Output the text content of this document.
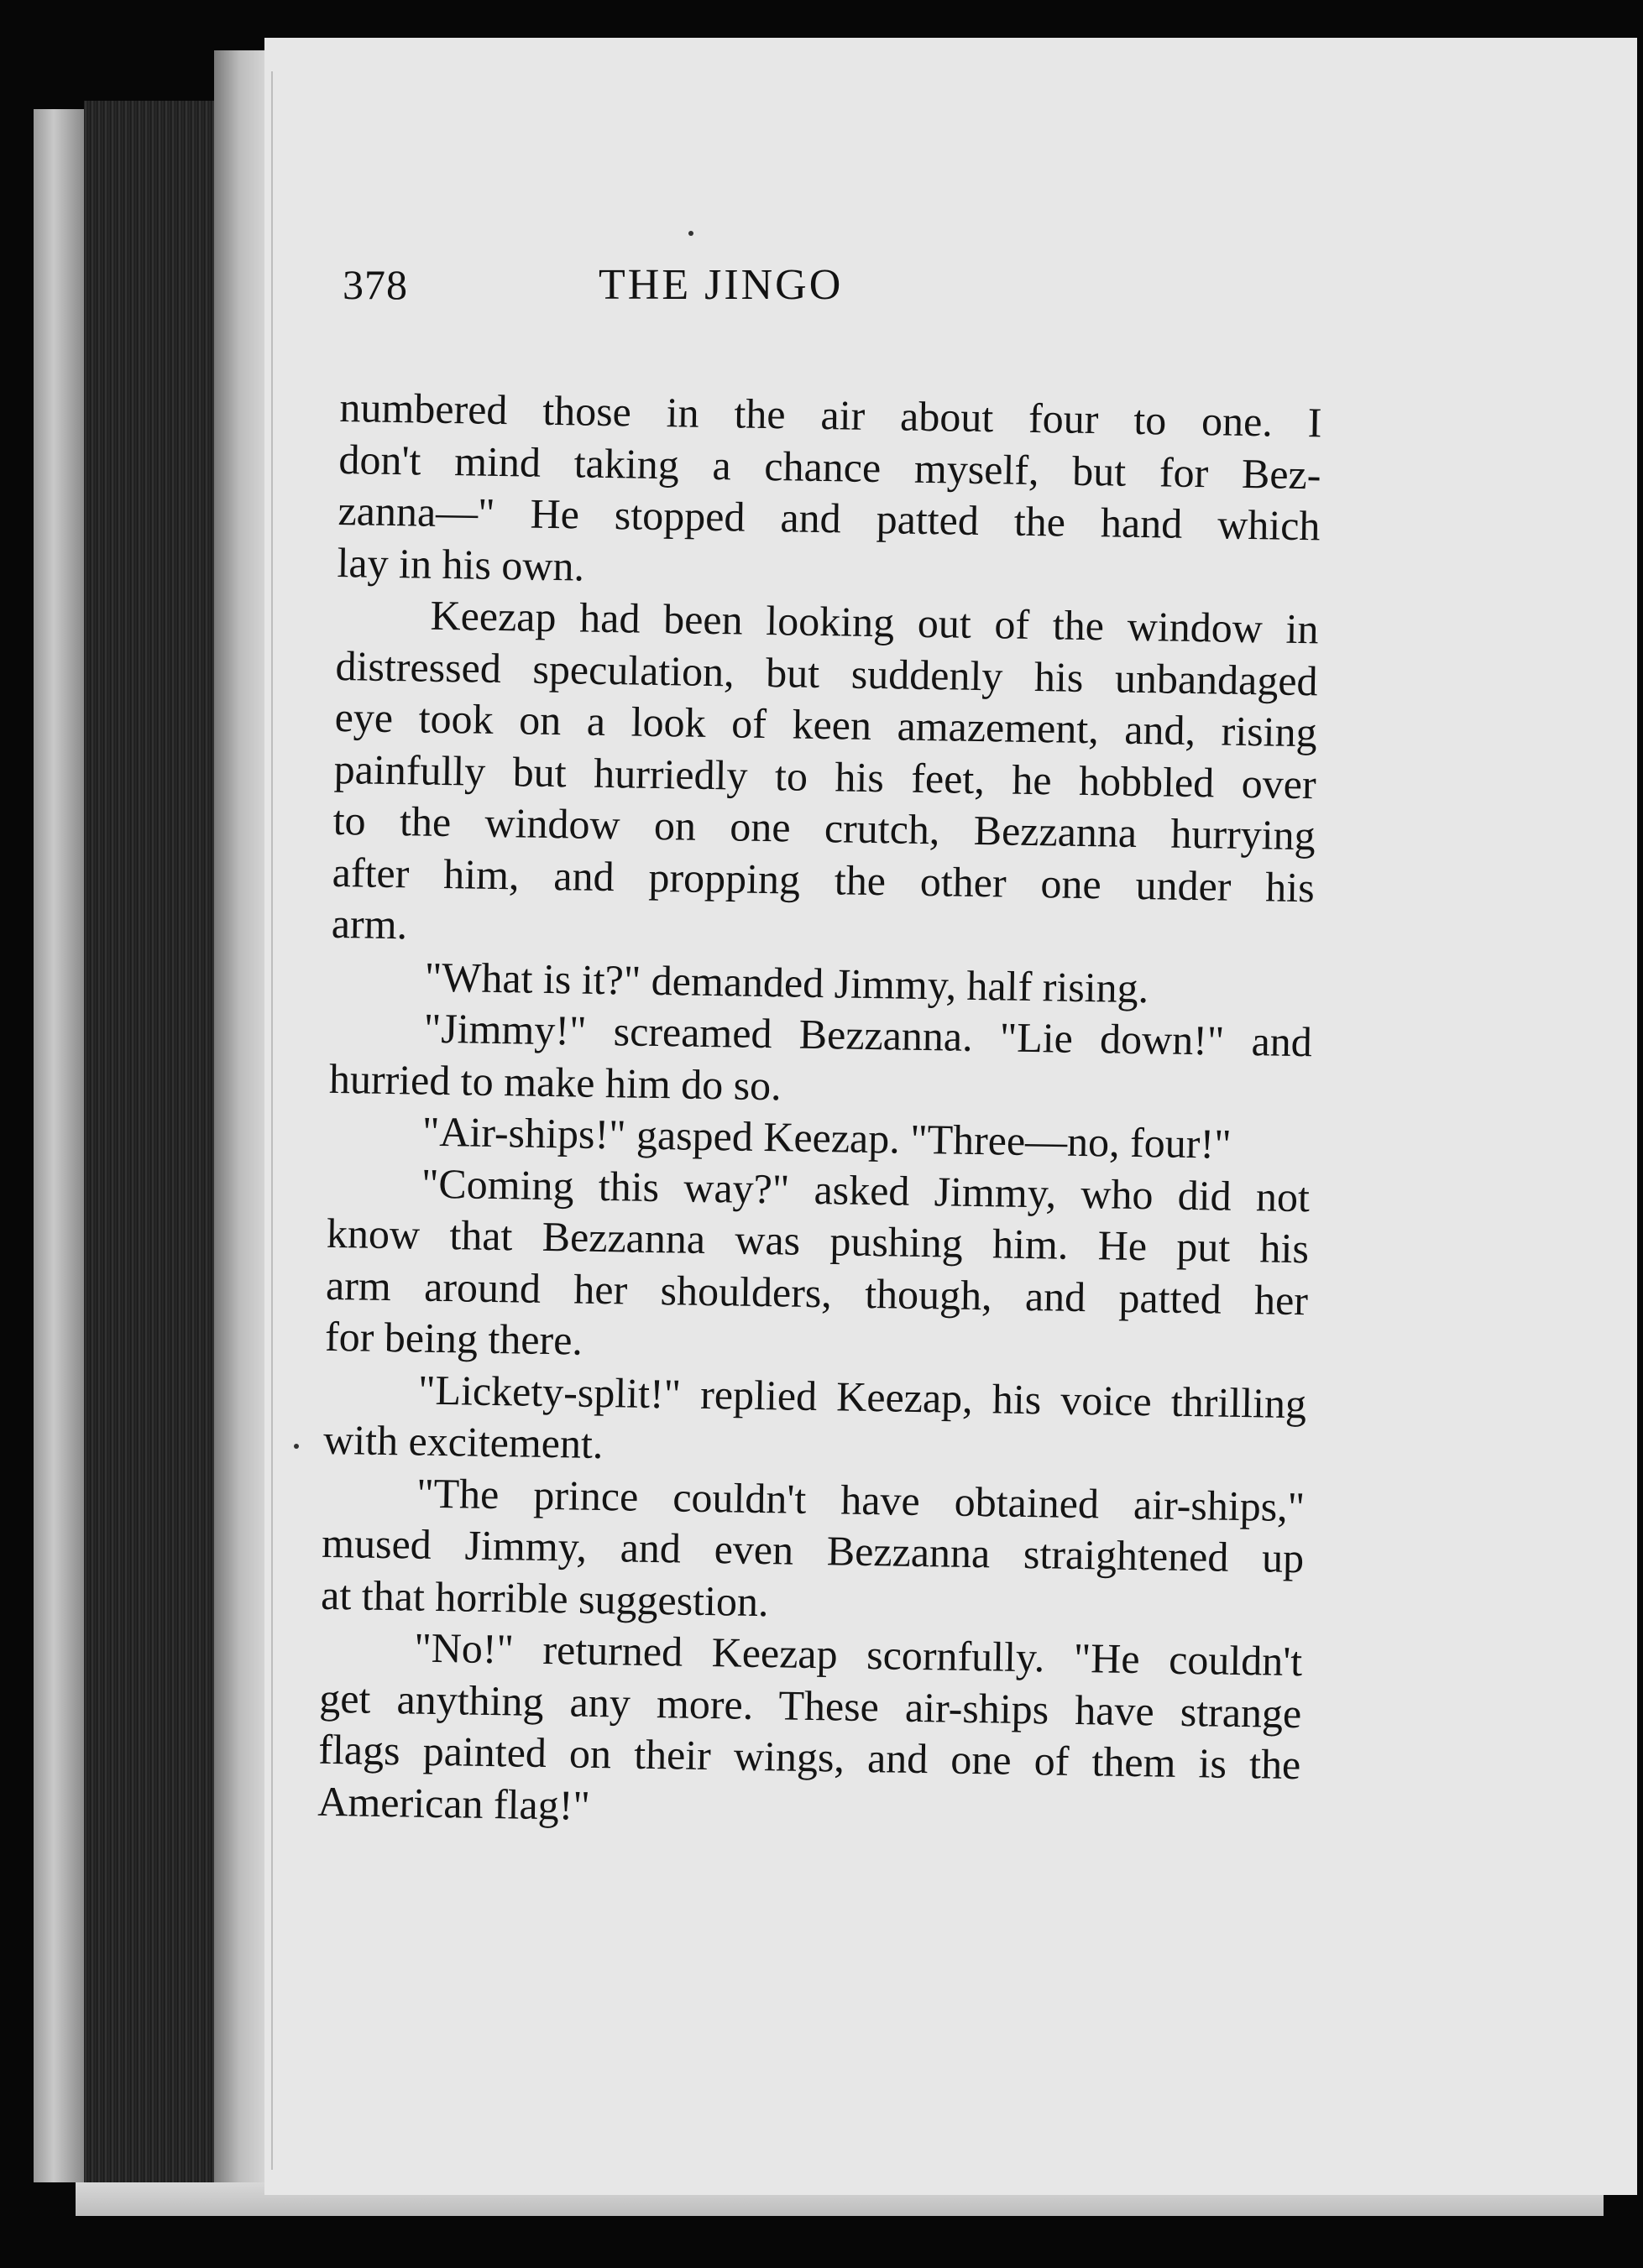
378	THE JINGO
numbered those in the air about four to one. I
don't mind taking a chance myself, but for Bez-
zanna—" He stopped and patted the hand which
lay in his own.
Keezap had been looking out of the window in
distressed speculation, but suddenly his unbandaged
eye took on a look of keen amazement, and, rising
painfully but hurriedly to his feet, he hobbled over
to the window on one crutch, Bezzanna hurrying
after him, and propping the other one under his
arm.
"What is it?" demanded Jimmy, half rising.
"Jimmy!" screamed Bezzanna. "Lie down!" and
hurried to make him do so.
"Air-ships!" gasped Keezap. "Three—no, four!"
"Coming this way?" asked Jimmy, who did not
know that Bezzanna was pushing him. He put his
arm around her shoulders, though, and patted her
for being there.
"Lickety-split!" replied Keezap, his voice thrilling
with excitement.
"The prince couldn't have obtained air-ships,"
mused Jimmy, and even Bezzanna straightened up
at that horrible suggestion.
"No!" returned Keezap scornfully. "He couldn't
get anything any more. These air-ships have strange
flags painted on their wings, and one of them is the
American flag!"
